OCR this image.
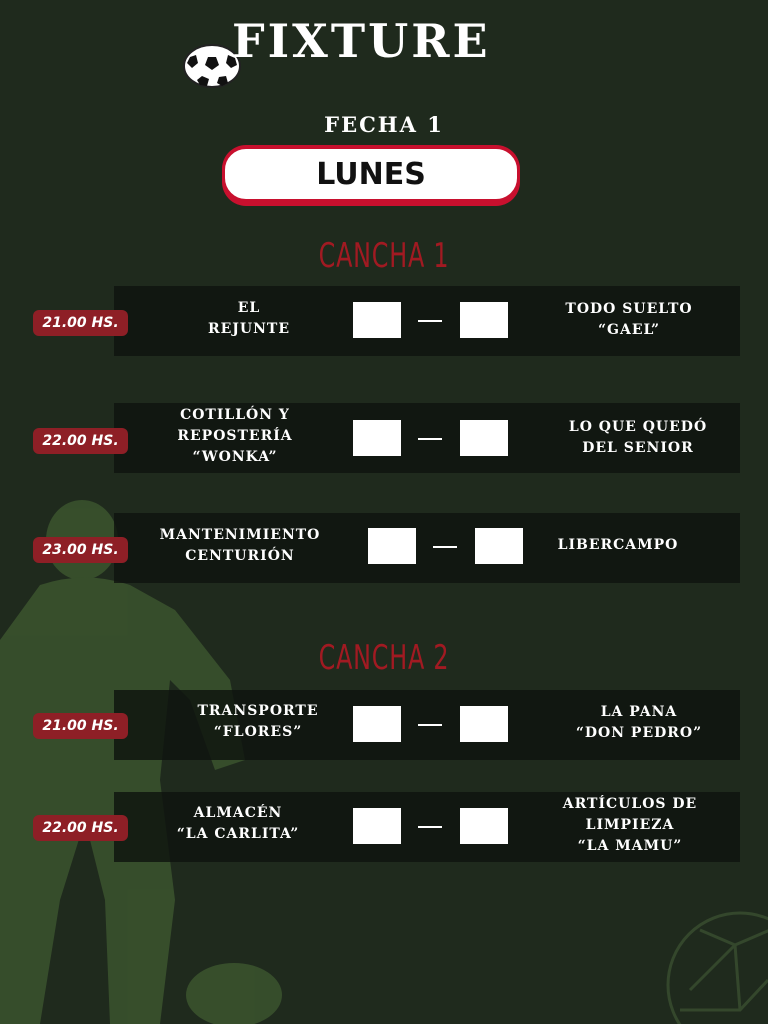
FIXTURE
FECHA 1
LUNES
CANCHA 1
21.00 HS.
EL
REJUNTE
TODO SUELTO
“GAEL”
22.00 HS.
COTILLÓN Y
REPOSTERÍA
“WONKA”
LO QUE QUEDÓ
DEL SENIOR
23.00 HS.
MANTENIMIENTO
CENTURIÓN
LIBERCAMPO
CANCHA 2
21.00 HS.
TRANSPORTE
“FLORES”
LA PANA
“DON PEDRO”
22.00 HS.
ALMACÉN
“LA CARLITA”
ARTÍCULOS DE
LIMPIEZA
“LA MAMU”
